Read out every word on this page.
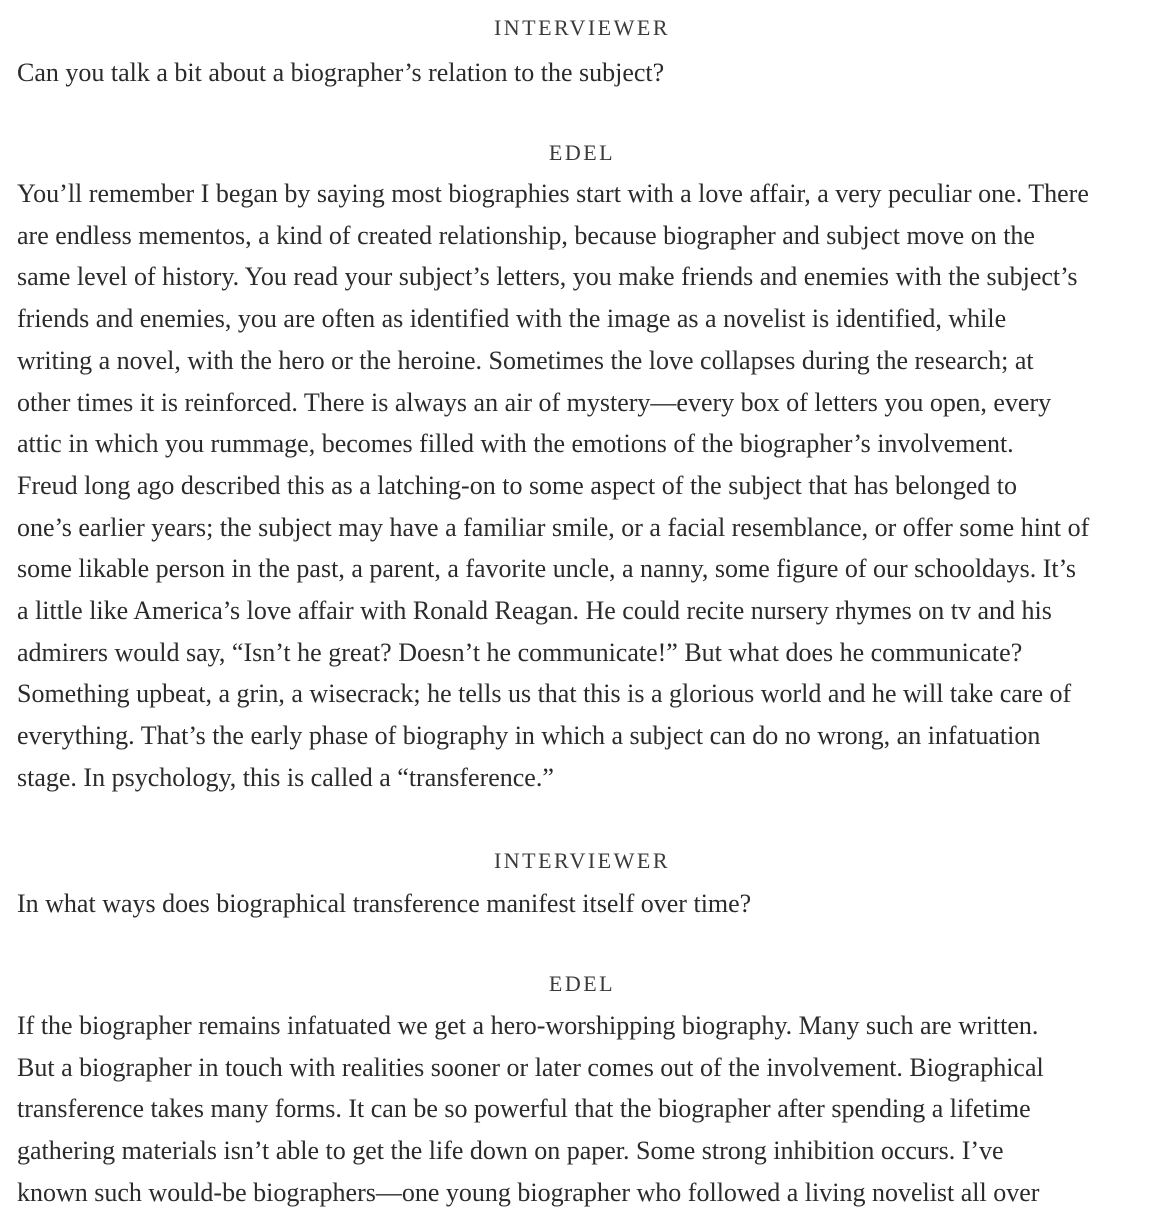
INTERVIEWER
Can you talk a bit about a biographer’s relation to the subject?
EDEL
You’ll remember I began by saying most biographies start with a love affair, a very peculiar one. There
are endless mementos, a kind of created relationship, because biographer and subject move on the
same level of history. You read your subject’s letters, you make friends and enemies with the subject’s
friends and enemies, you are often as identified with the image as a novelist is identified, while
writing a novel, with the hero or the heroine. Sometimes the love collapses during the research; at
other times it is reinforced. There is always an air of mystery—every box of letters you open, every
attic in which you rummage, becomes filled with the emotions of the biographer’s involvement.
Freud long ago described this as a latching-on to some aspect of the subject that has belonged to
one’s earlier years; the subject may have a familiar smile, or a facial resemblance, or offer some hint of
some likable person in the past, a parent, a favorite uncle, a nanny, some figure of our schooldays. It’s
a little like America’s love affair with Ronald Reagan. He could recite nursery rhymes on tv and his
admirers would say, “Isn’t he great? Doesn’t he communicate!” But what does he communicate?
Something upbeat, a grin, a wisecrack; he tells us that this is a glorious world and he will take care of
everything. That’s the early phase of biography in which a subject can do no wrong, an infatuation
stage. In psychology, this is called a “transference.”
INTERVIEWER
In what ways does biographical transference manifest itself over time?
EDEL
If the biographer remains infatuated we get a hero-worshipping biography. Many such are written.
But a biographer in touch with realities sooner or later comes out of the involvement. Biographical
transference takes many forms. It can be so powerful that the biographer after spending a lifetime
gathering materials isn’t able to get the life down on paper. Some strong inhibition occurs. I’ve
known such would-be biographers—one young biographer who followed a living novelist all over
